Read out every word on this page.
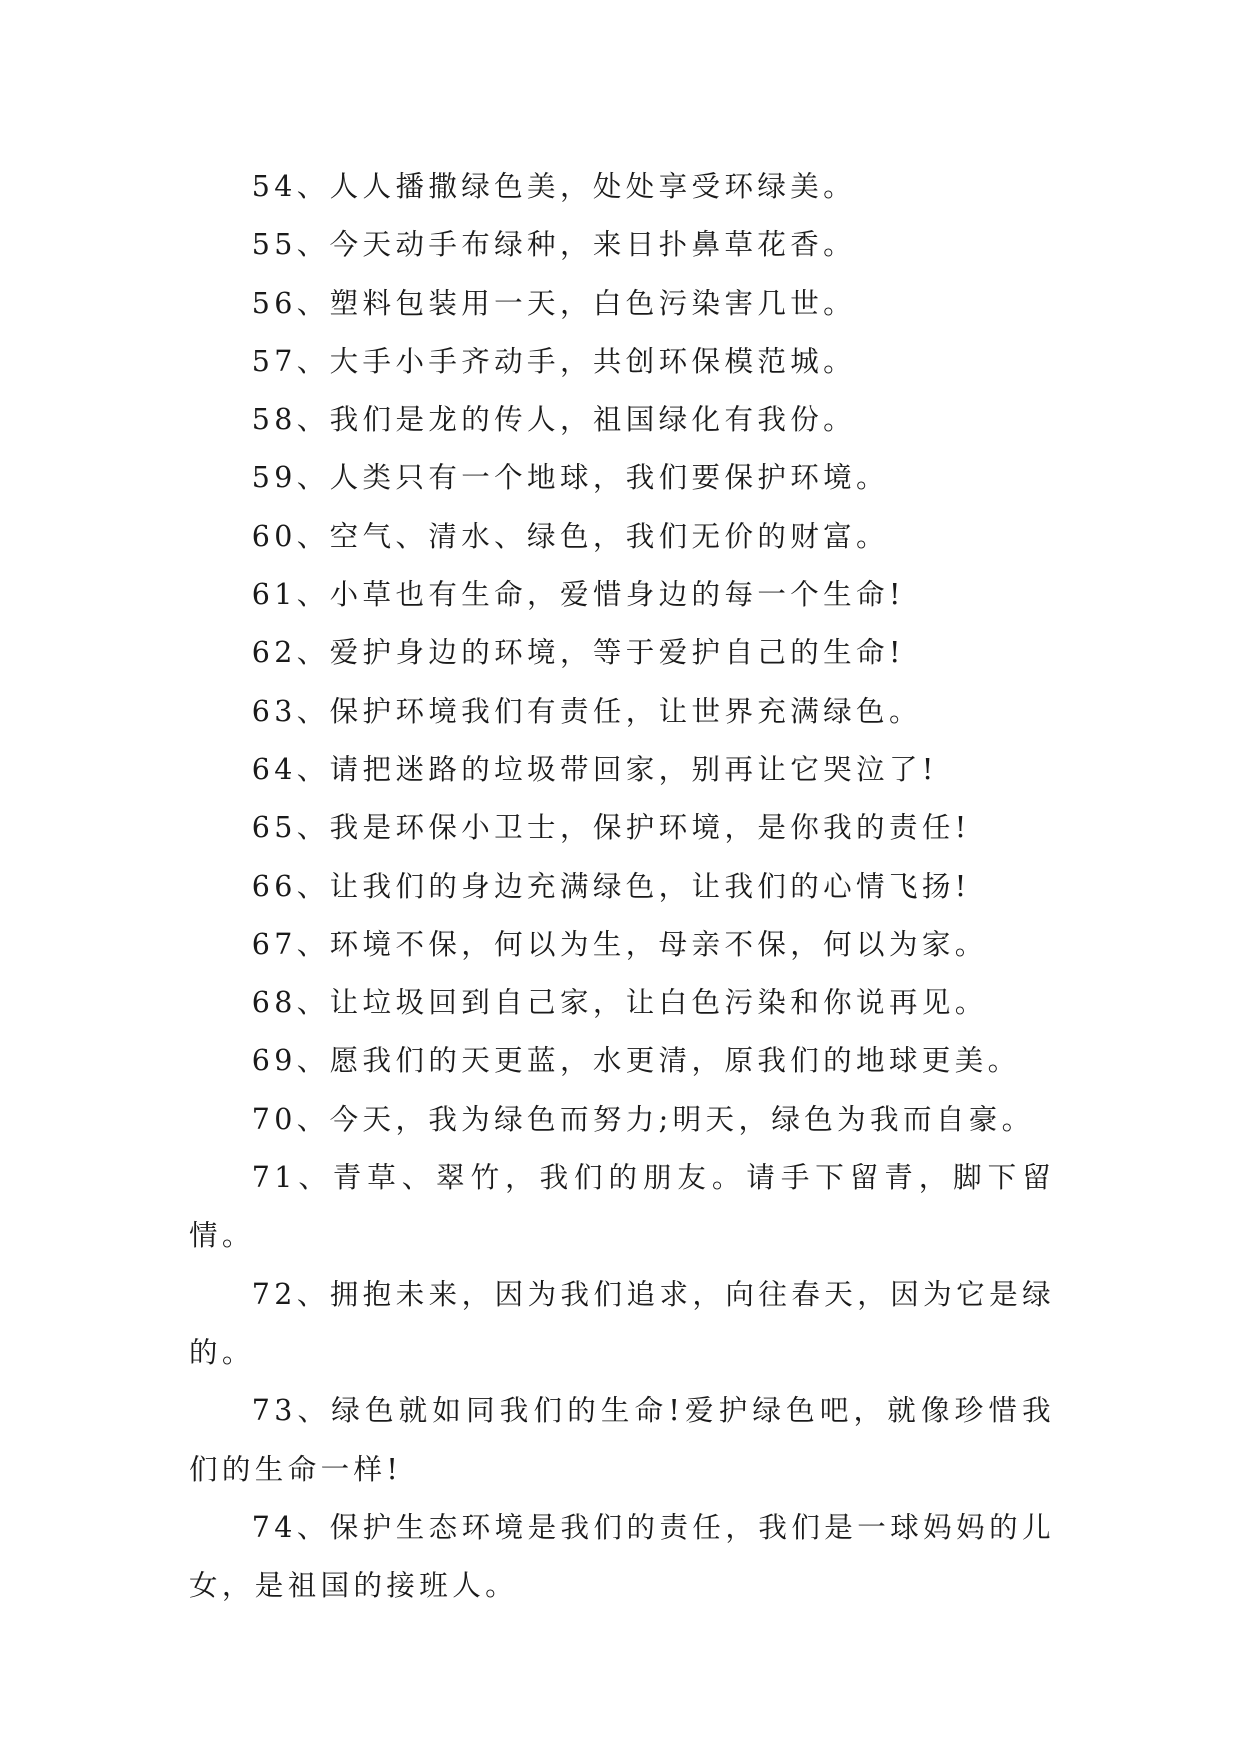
54、人人播撒绿色美，处处享受环绿美。

55、今天动手布绿种，来日扑鼻草花香。

56、塑料包装用一天，白色污染害几世。

57、大手小手齐动手，共创环保模范城。

58、我们是龙的传人，祖国绿化有我份。

59、人类只有一个地球，我们要保护环境。

60、空气、清水、绿色，我们无价的财富。

61、小草也有生命，爱惜身边的每一个生命!

62、爱护身边的环境，等于爱护自己的生命!

63、保护环境我们有责任，让世界充满绿色。

64、请把迷路的垃圾带回家，别再让它哭泣了!

65、我是环保小卫士，保护环境，是你我的责任!

66、让我们的身边充满绿色，让我们的心情飞扬!

67、环境不保，何以为生，母亲不保，何以为家。

68、让垃圾回到自己家，让白色污染和你说再见。

69、愿我们的天更蓝，水更清，原我们的地球更美。

70、今天，我为绿色而努力;明天，绿色为我而自豪。

71、青草、翠竹，我们的朋友。请手下留青，脚下留情。

72、拥抱未来，因为我们追求，向往春天，因为它是绿的。

73、绿色就如同我们的生命!爱护绿色吧，就像珍惜我们的生命一样!

74、保护生态环境是我们的责任，我们是一球妈妈的儿女，是祖国的接班人。
